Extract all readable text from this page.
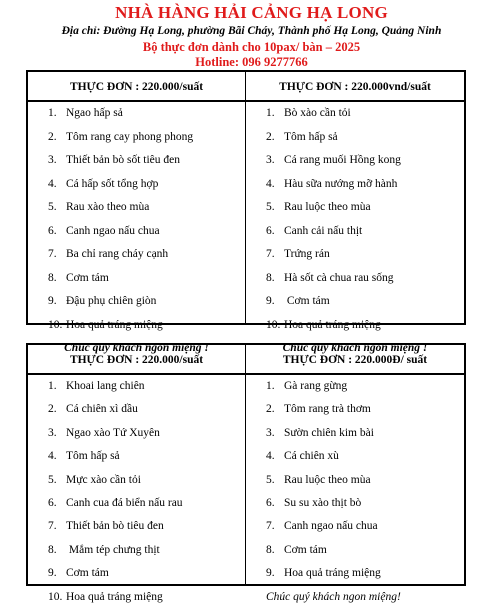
NHÀ HÀNG HẢI CẢNG HẠ LONG
Địa chỉ: Đường Hạ Long, phường Bãi Cháy, Thành phố Hạ Long, Quảng Ninh
Bộ thực đơn dành cho 10pax/ bàn – 2025
Hotline: 096 9277766
THỰC ĐƠN : 220.000/suất
1. Ngao hấp sả
2. Tôm rang cay phong phong
3. Thiết bản bò sốt tiêu đen
4. Cá hấp sốt tổng hợp
5. Rau xào theo mùa
6. Canh ngao nấu chua
7. Ba chỉ rang cháy cạnh
8. Cơm tám
9. Đậu phụ chiên giòn
10. Hoa quả tráng miệng
Chúc quý khách ngon miệng !
THỰC ĐƠN : 220.000vnd/suất
1. Bò xào cần tỏi
2. Tôm hấp sả
3. Cá rang muối Hồng kong
4. Hàu sữa nướng mỡ hành
5. Rau luộc theo mùa
6. Canh cải nấu thịt
7. Trứng rán
8. Hà sốt cà chua rau sống
9. Cơm tám
10. Hoa quả tráng miệng
Chúc quý khách ngon miệng !
THỰC ĐƠN : 220.000/suất
1. Khoai lang chiên
2. Cá chiên xì dầu
3. Ngao xào Tứ Xuyên
4. Tôm hấp sả
5. Mực xào cần tỏi
6. Canh cua đá biển nấu rau
7. Thiết bản bò tiêu đen
8. Mắm tép chưng thịt
9. Cơm tám
10. Hoa quả tráng miệng
THỰC ĐƠN : 220.000Đ/ suất
1. Gà rang gừng
2. Tôm rang trà thơm
3. Sườn chiên kim bài
4. Cá chiên xù
5. Rau luộc theo mùa
6. Su su xào thịt bò
7. Canh ngao nấu chua
8. Cơm tám
9. Hoa quả tráng miệng
Chúc quý khách ngon miệng!
